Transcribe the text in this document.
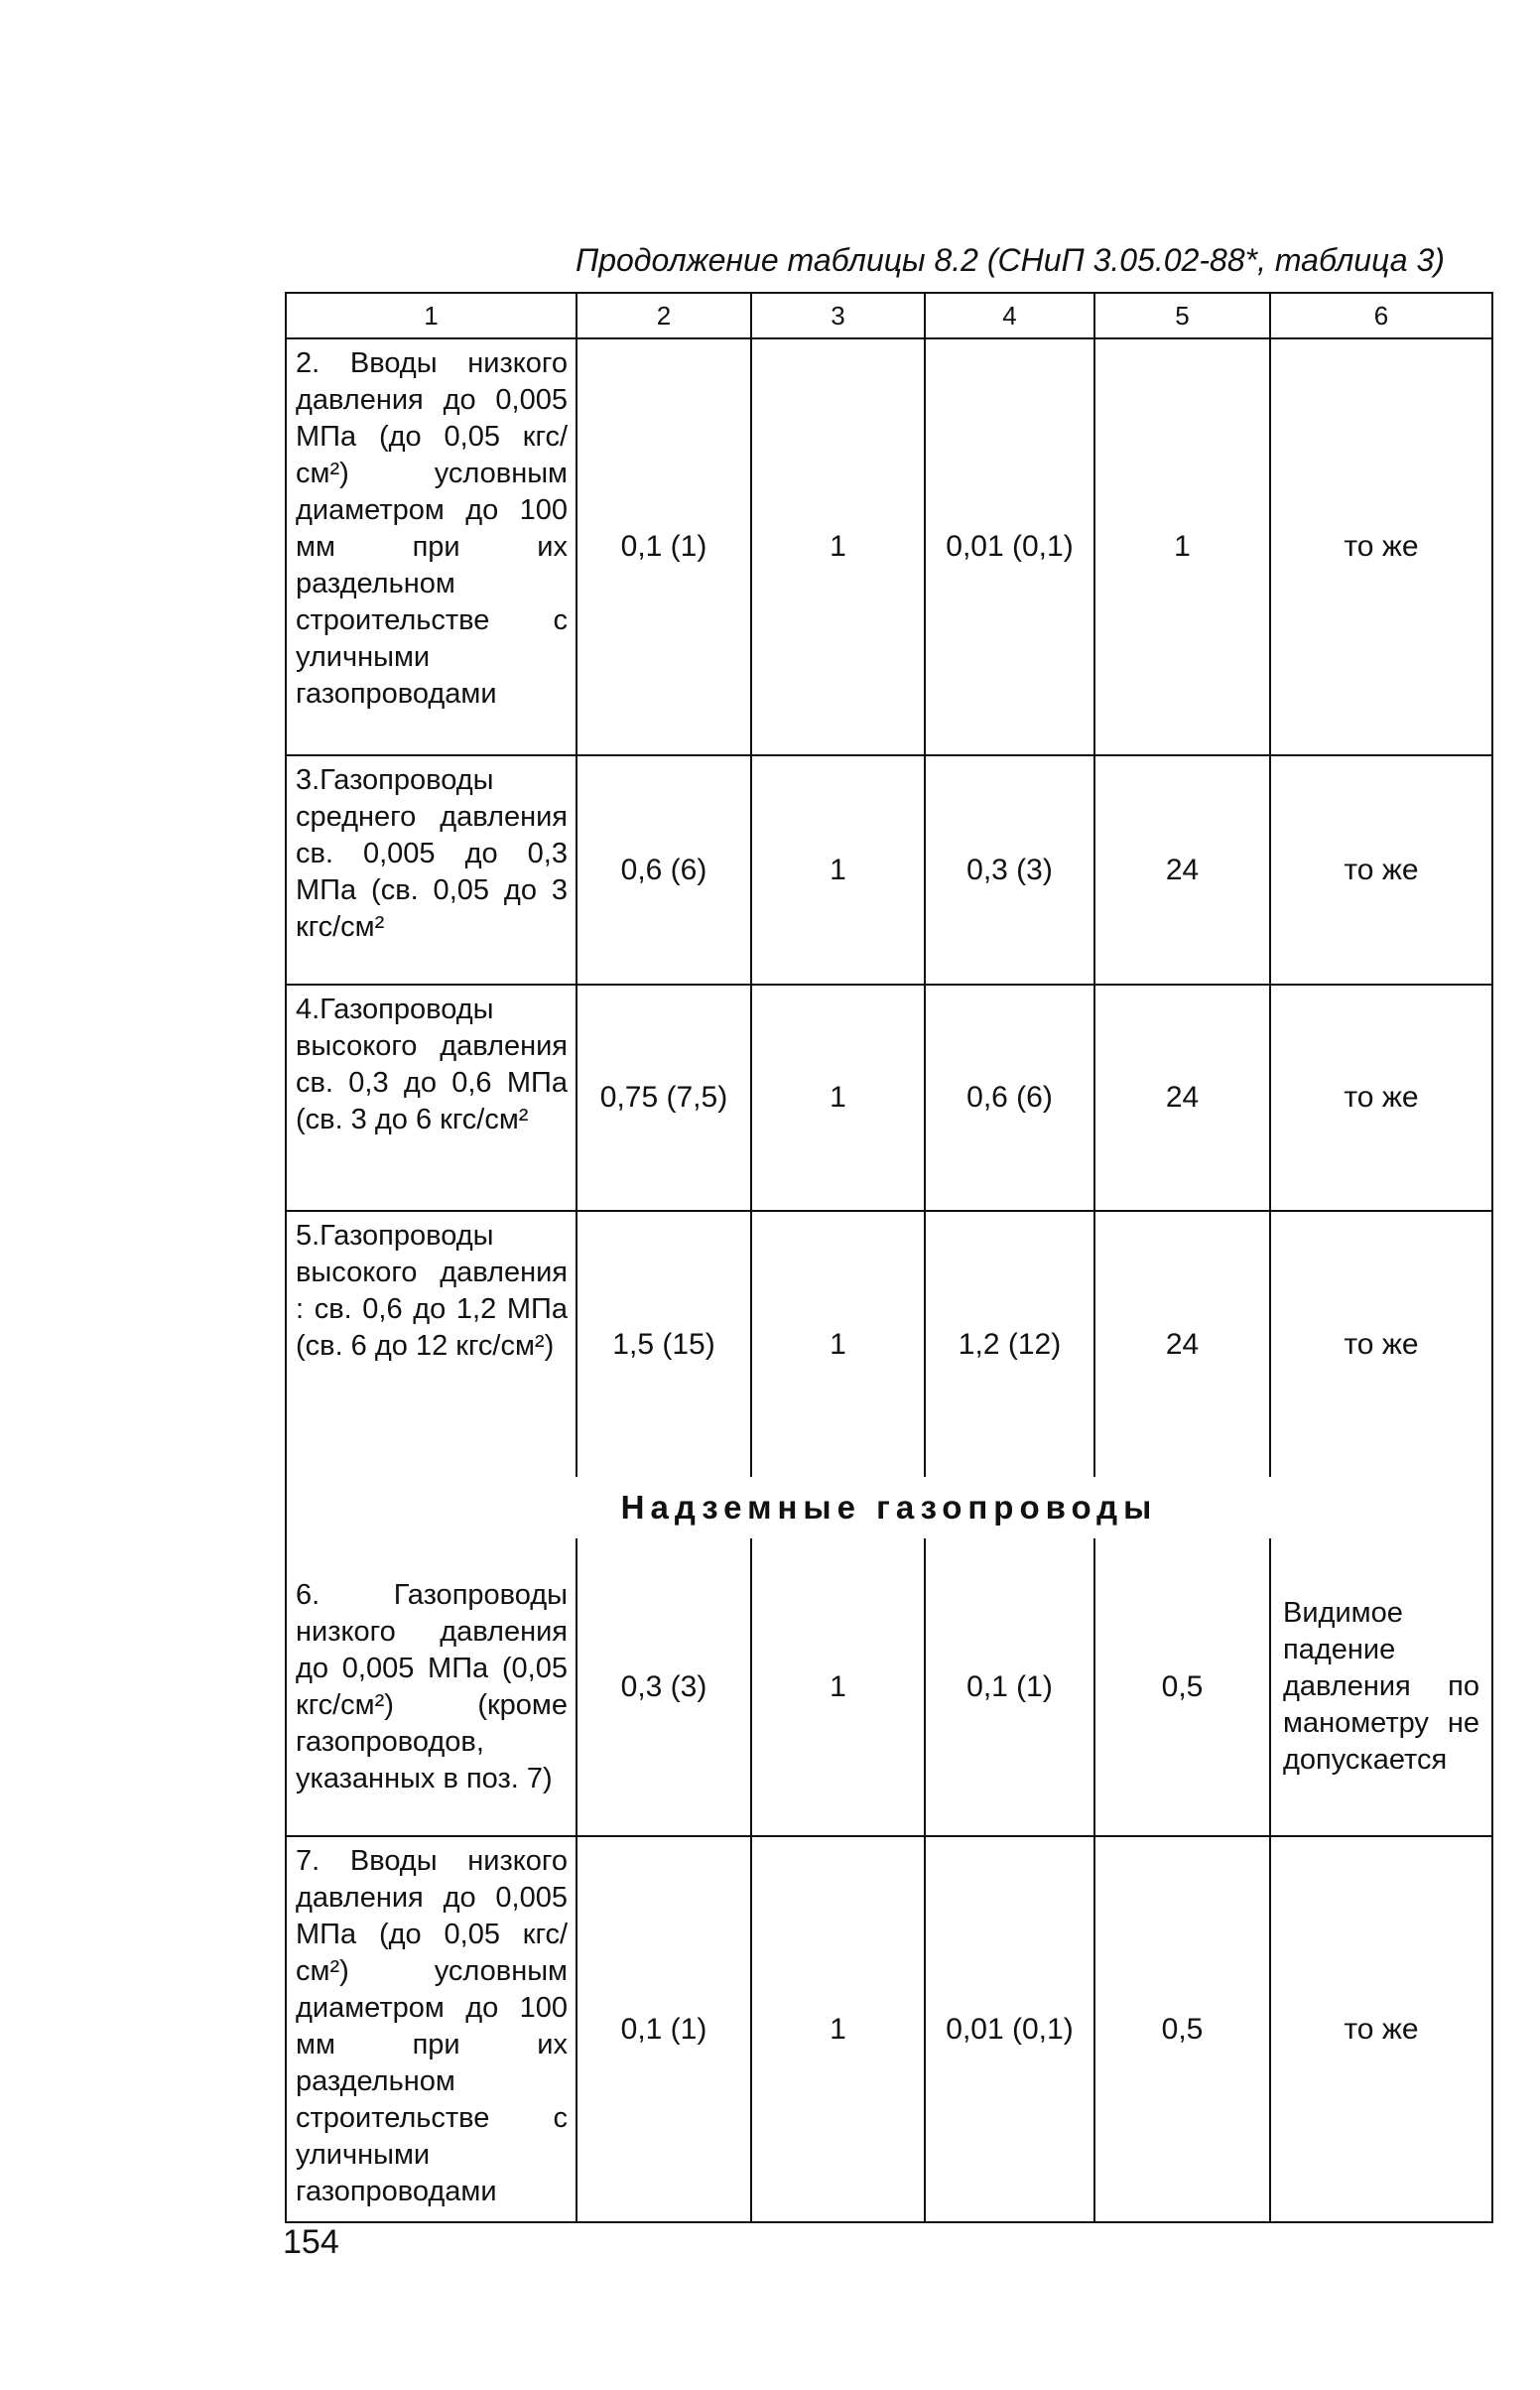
Продолжение таблицы 8.2 (СНиП 3.05.02-88*, таблица 3)
1	2	3	4	5	6
2. Вводы низкого давления до 0,005 МПа (до 0,05 кгс/см²) условным диаметром до 100 мм при их раздельном строительстве с уличными газопроводами	0,1 (1)	1	0,01 (0,1)	1	то же
3.Газопроводы среднего давления св. 0,005 до 0,3 МПа (св. 0,05 до 3 кгс/см²	0,6 (6)	1	0,3 (3)	24	то же
4.Газопроводы высокого давления св. 0,3 до 0,6 МПа (св. 3 до 6 кгс/см²	0,75 (7,5)	1	0,6 (6)	24	то же
5.Газопроводы высокого давления : св. 0,6 до 1,2 МПа (св. 6 до 12 кгс/см²)	1,5 (15)	1	1,2 (12)	24	то же
Надземные газопроводы					
6. Газопроводы низкого давления до 0,005 МПа (0,05 кгс/см²) (кроме газопроводов, указанных в поз. 7)	0,3 (3)	1	0,1 (1)	0,5	Видимое падение давления по манометру не допускается
7. Вводы низкого давления до 0,005 МПа (до 0,05 кгс/см²) условным диаметром до 100 мм при их раздельном строительстве с уличными газопроводами	0,1 (1)	1	0,01 (0,1)	0,5	то же
154
